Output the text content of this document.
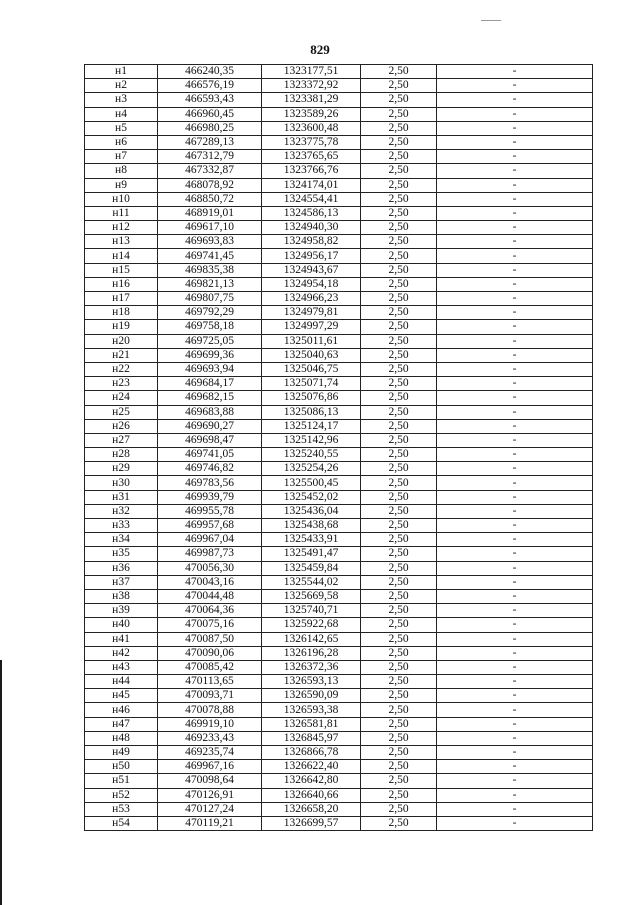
829
н1	466240,35	1323177,51	2,50	-
н2	466576,19	1323372,92	2,50	-
н3	466593,43	1323381,29	2,50	-
н4	466960,45	1323589,26	2,50	-
н5	466980,25	1323600,48	2,50	-
н6	467289,13	1323775,78	2,50	-
н7	467312,79	1323765,65	2,50	-
н8	467332,87	1323766,76	2,50	-
н9	468078,92	1324174,01	2,50	-
н10	468850,72	1324554,41	2,50	-
н11	468919,01	1324586,13	2,50	-
н12	469617,10	1324940,30	2,50	-
н13	469693,83	1324958,82	2,50	-
н14	469741,45	1324956,17	2,50	-
н15	469835,38	1324943,67	2,50	-
н16	469821,13	1324954,18	2,50	-
н17	469807,75	1324966,23	2,50	-
н18	469792,29	1324979,81	2,50	-
н19	469758,18	1324997,29	2,50	-
н20	469725,05	1325011,61	2,50	-
н21	469699,36	1325040,63	2,50	-
н22	469693,94	1325046,75	2,50	-
н23	469684,17	1325071,74	2,50	-
н24	469682,15	1325076,86	2,50	-
н25	469683,88	1325086,13	2,50	-
н26	469690,27	1325124,17	2,50	-
н27	469698,47	1325142,96	2,50	-
н28	469741,05	1325240,55	2,50	-
н29	469746,82	1325254,26	2,50	-
н30	469783,56	1325500,45	2,50	-
н31	469939,79	1325452,02	2,50	-
н32	469955,78	1325436,04	2,50	-
н33	469957,68	1325438,68	2,50	-
н34	469967,04	1325433,91	2,50	-
н35	469987,73	1325491,47	2,50	-
н36	470056,30	1325459,84	2,50	-
н37	470043,16	1325544,02	2,50	-
н38	470044,48	1325669,58	2,50	-
н39	470064,36	1325740,71	2,50	-
н40	470075,16	1325922,68	2,50	-
н41	470087,50	1326142,65	2,50	-
н42	470090,06	1326196,28	2,50	-
н43	470085,42	1326372,36	2,50	-
н44	470113,65	1326593,13	2,50	-
н45	470093,71	1326590,09	2,50	-
н46	470078,88	1326593,38	2,50	-
н47	469919,10	1326581,81	2,50	-
н48	469233,43	1326845,97	2,50	-
н49	469235,74	1326866,78	2,50	-
н50	469967,16	1326622,40	2,50	-
н51	470098,64	1326642,80	2,50	-
н52	470126,91	1326640,66	2,50	-
н53	470127,24	1326658,20	2,50	-
н54	470119,21	1326699,57	2,50	-
